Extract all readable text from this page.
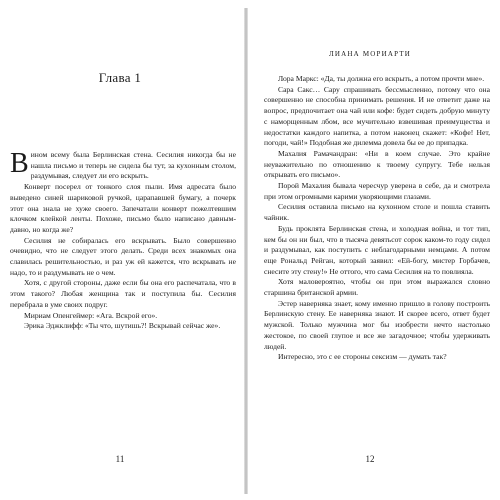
Глава 1

Вином всему была Берлинская стена. Сесилия никогда бы не нашла письмо и теперь не сидела бы тут, за кухонным столом, раздумывая, следует ли его вскрыть.

Конверт посерел от тонкого слоя пыли. Имя адресата было выведено синей шариковой ручкой, царапавшей бумагу, а почерк этот она знала не хуже своего. Запечатали конверт пожелтевшим клочком клейкой ленты. Похоже, письмо было написано давным-давно, но когда же?

Сесилия не собиралась его вскрывать. Было совершенно очевидно, что не следует этого делать. Среди всех знакомых она славилась решительностью, и раз уж ей кажется, что вскрывать не надо, то и раздумывать не о чем.

Хотя, с другой стороны, даже если бы она его распечатала, что в этом такого? Любая женщина так и поступила бы. Сесилия перебрала в уме своих подруг.

Мириам Опенгеймер: «Ага. Вскрой его».

Эрика Эджклифф: «Ты что, шутишь?! Вскрывай сейчас же».

11
ЛИАНА МОРИАРТИ

Лора Маркс: «Да, ты должна его вскрыть, а потом прочти мне».

Сара Сакс… Сару спрашивать бессмысленно, потому что она совершенно не способна принимать решения. И не ответит даже на вопрос, предпочитает она чай или кофе: будет сидеть добрую минуту с наморщенным лбом, все мучительно взвешивая преимущества и недостатки каждого напитка, а потом наконец скажет: «Кофе! Нет, погоди, чай!» Подобная же дилемма довела бы ее до припадка.

Махалия Рамачандран: «Ни в коем случае. Это крайне неуважительно по отношению к твоему супругу. Тебе нельзя открывать его письмо».

Порой Махалия бывала чересчур уверена в себе, да и смотрела при этом огромными карими укоряющими глазами.

Сесилия оставила письмо на кухонном столе и пошла ставить чайник.

Будь проклята Берлинская стена, и холодная война, и тот тип, кем бы он ни был, что в тысяча девятьсот сорок каком-то году сидел и раздумывал, как поступить с неблагодарными немцами. А потом еще Рональд Рейган, который заявил: «Ей-богу, мистер Горбачев, снесите эту стену!» Не оттого, что сама Сесилия на то повлияла.

Хотя маловероятно, чтобы он при этом выражался словно старшина британской армии.

Эстер наверняка знает, кому именно пришло в голову построить Берлинскую стену. Ее наверняка знают. И скорее всего, ответ будет мужской. Только мужчина мог бы изобрести нечто настолько жестокое, по своей глупое и все же загадочное; чтобы удерживать людей.

Интересно, это с ее стороны сексизм — думать так?

12
